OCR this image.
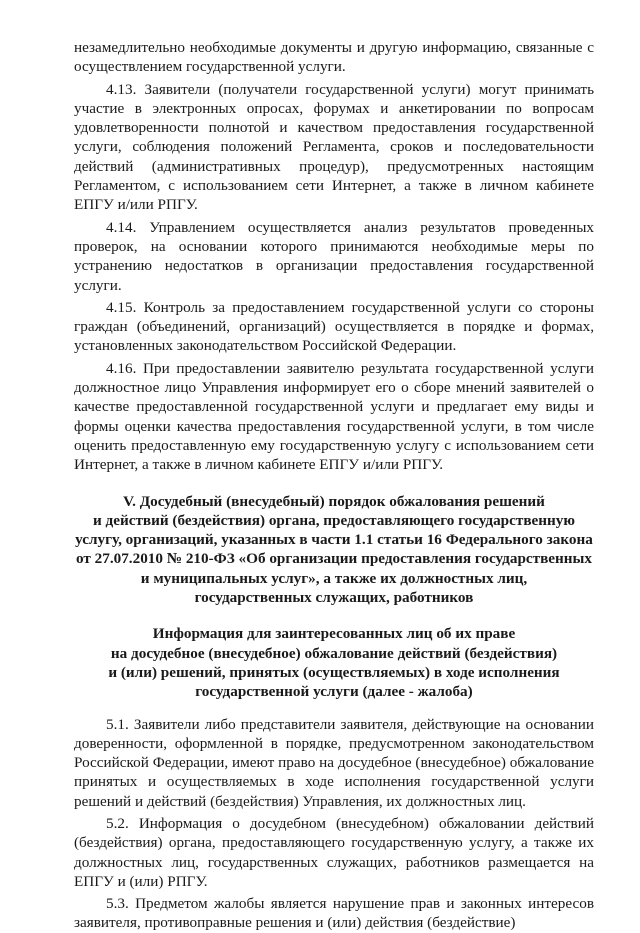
незамедлительно необходимые документы и другую информацию, связанные с осуществлением государственной услуги.

4.13. Заявители (получатели государственной услуги) могут принимать участие в электронных опросах, форумах и анкетировании по вопросам удовлетворенности полнотой и качеством предоставления государственной услуги, соблюдения положений Регламента, сроков и последовательности действий (административных процедур), предусмотренных настоящим Регламентом, с использованием сети Интернет, а также в личном кабинете ЕПГУ и/или РПГУ.

4.14. Управлением осуществляется анализ результатов проведенных проверок, на основании которого принимаются необходимые меры по устранению недостатков в организации предоставления государственной услуги.

4.15. Контроль за предоставлением государственной услуги со стороны граждан (объединений, организаций) осуществляется в порядке и формах, установленных законодательством Российской Федерации.

4.16. При предоставлении заявителю результата государственной услуги должностное лицо Управления информирует его о сборе мнений заявителей о качестве предоставленной государственной услуги и предлагает ему виды и формы оценки качества предоставления государственной услуги, в том числе оценить предоставленную ему государственную услугу с использованием сети Интернет, а также в личном кабинете ЕПГУ и/или РПГУ.

V. Досудебный (внесудебный) порядок обжалования решений
и действий (бездействия) органа, предоставляющего государственную
услугу, организаций, указанных в части 1.1 статьи 16 Федерального закона
от 27.07.2010 № 210-ФЗ «Об организации предоставления государственных
и муниципальных услуг», а также их должностных лиц,
государственных служащих, работников
Информация для заинтересованных лиц об их праве
на досудебное (внесудебное) обжалование действий (бездействия)
и (или) решений, принятых (осуществляемых) в ходе исполнения
государственной услуги (далее - жалоба)

5.1. Заявители либо представители заявителя, действующие на основании доверенности, оформленной в порядке, предусмотренном законодательством Российской Федерации, имеют право на досудебное (внесудебное) обжалование принятых и осуществляемых в ходе исполнения государственной услуги решений и действий (бездействия) Управления, их должностных лиц.

5.2. Информация о досудебном (внесудебном) обжаловании действий (бездействия) органа, предоставляющего государственную услугу, а также их должностных лиц, государственных служащих, работников размещается на ЕПГУ и (или) РПГУ.

5.3. Предметом жалобы является нарушение прав и законных интересов заявителя, противоправные решения и (или) действия (бездействие)
